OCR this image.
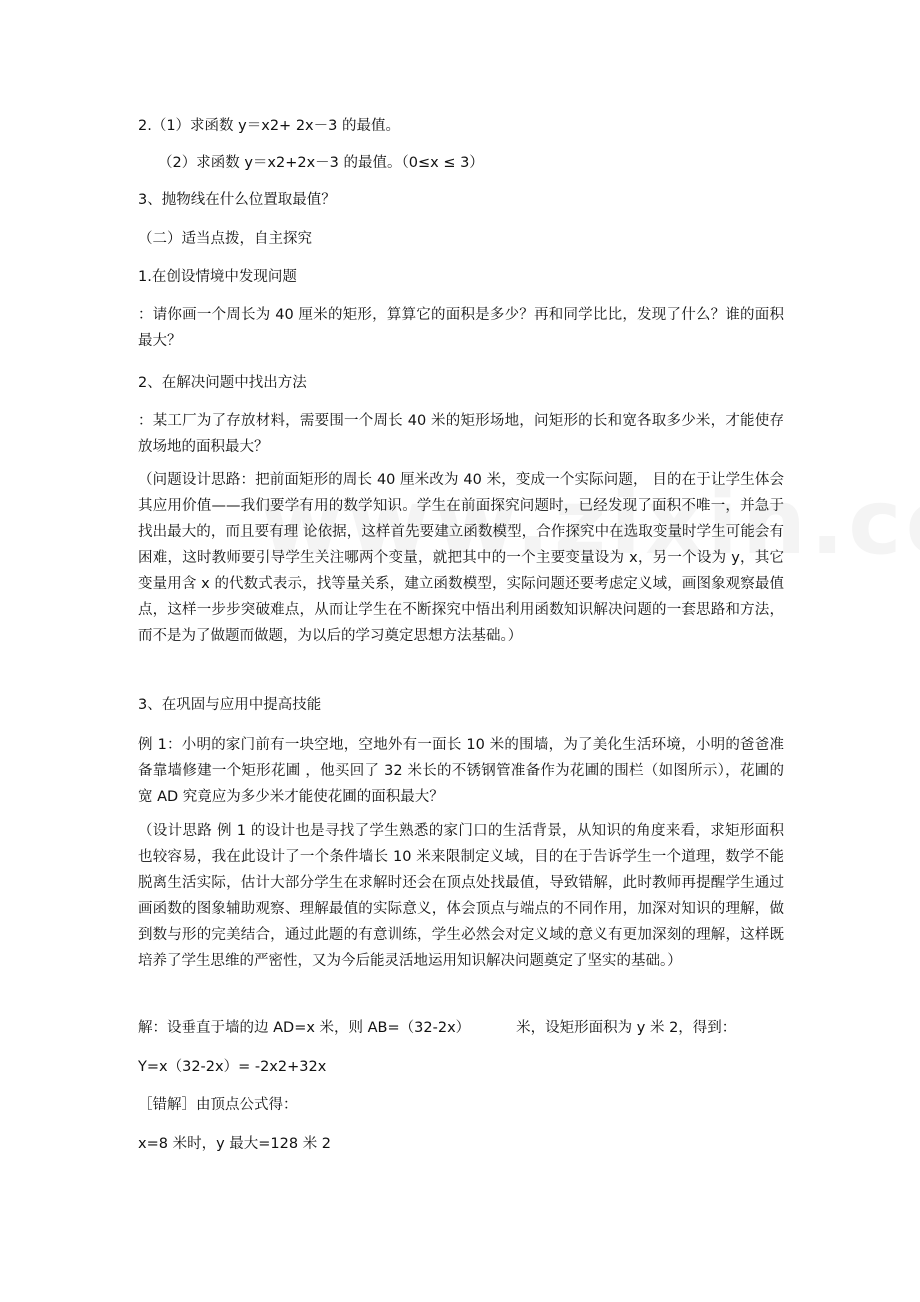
2.（1）求函数 y＝x2+ 2x－3 的最值。
（2）求函数 y＝x2+2x－3 的最值。（0≤x ≤ 3）
3、抛物线在什么位置取最值？
（二）适当点拨，自主探究
1.在创设情境中发现问题
：请你画一个周长为 40 厘米的矩形，算算它的面积是多少？再和同学比比，发现了什么？谁的面积最大？
2、在解决问题中找出方法
：某工厂为了存放材料，需要围一个周长 40 米的矩形场地，问矩形的长和宽各取多少米，才能使存放场地的面积最大？
（问题设计思路：把前面矩形的周长 40 厘米改为 40 米，变成一个实际问题， 目的在于让学生体会其应用价值——我们要学有用的数学知识。学生在前面探究问题时，已经发现了面积不唯一，并急于找出最大的，而且要有理 论依据，这样首先要建立函数模型，合作探究中在选取变量时学生可能会有困难，这时教师要引导学生关注哪两个变量，就把其中的一个主要变量设为 x，另一个设为 y，其它变量用含 x 的代数式表示，找等量关系，建立函数模型，实际问题还要考虑定义域，画图象观察最值点，这样一步步突破难点，从而让学生在不断探究中悟出利用函数知识解决问题的一套思路和方法，而不是为了做题而做题，为以后的学习奠定思想方法基础。）
3、在巩固与应用中提高技能
例 1：小明的家门前有一块空地，空地外有一面长 10 米的围墙，为了美化生活环境，小明的爸爸准备靠墙修建一个矩形花圃 ，他买回了 32 米长的不锈钢管准备作为花圃的围栏（如图所示），花圃的宽 AD 究竟应为多少米才能使花圃的面积最大？
（设计思路 例 1 的设计也是寻找了学生熟悉的家门口的生活背景，从知识的角度来看，求矩形面积也较容易，我在此设计了一个条件墙长 10 米来限制定义域，目的在于告诉学生一个道理，数学不能脱离生活实际，估计大部分学生在求解时还会在顶点处找最值，导致错解，此时教师再提醒学生通过画函数的图象辅助观察、理解最值的实际意义，体会顶点与端点的不同作用，加深对知识的理解，做到数与形的完美结合，通过此题的有意训练，学生必然会对定义域的意义有更加深刻的理解，这样既培养了学生思维的严密性，又为今后能灵活地运用知识解决问题奠定了坚实的基础。）
解：设垂直于墙的边 AD=x 米，则 AB=（32-2x）	米，设矩形面积为 y 米 2，得到：
Y=x（32-2x）= -2x2+32x
［错解］由顶点公式得：
x=8 米时，y 最大=128 米 2
